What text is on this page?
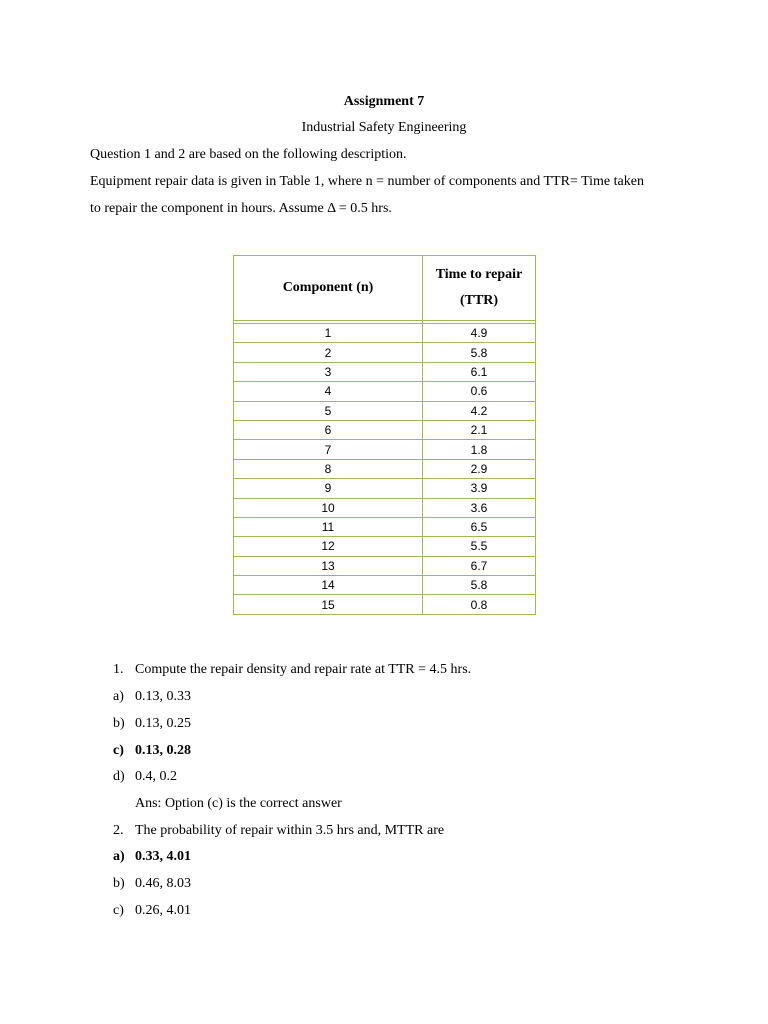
Assignment 7
Industrial Safety Engineering
Question 1 and 2 are based on the following description.
Equipment repair data is given in Table 1, where n = number of components and TTR= Time taken
to repair the component in hours. Assume Δ = 0.5 hrs.
Component (n)	Time to repair
(TTR)

1	4.9
2	5.8
3	6.1
4	0.6
5	4.2
6	2.1
7	1.8
8	2.9
9	3.9
10	3.6
11	6.5
12	5.5
13	6.7
14	5.8
15	0.8
1. Compute the repair density and repair rate at TTR = 4.5 hrs.
a) 0.13, 0.33
b) 0.13, 0.25
c) 0.13, 0.28
d) 0.4, 0.2
Ans: Option (c) is the correct answer
2. The probability of repair within 3.5 hrs and, MTTR are
a) 0.33, 4.01
b) 0.46, 8.03
c) 0.26, 4.01
